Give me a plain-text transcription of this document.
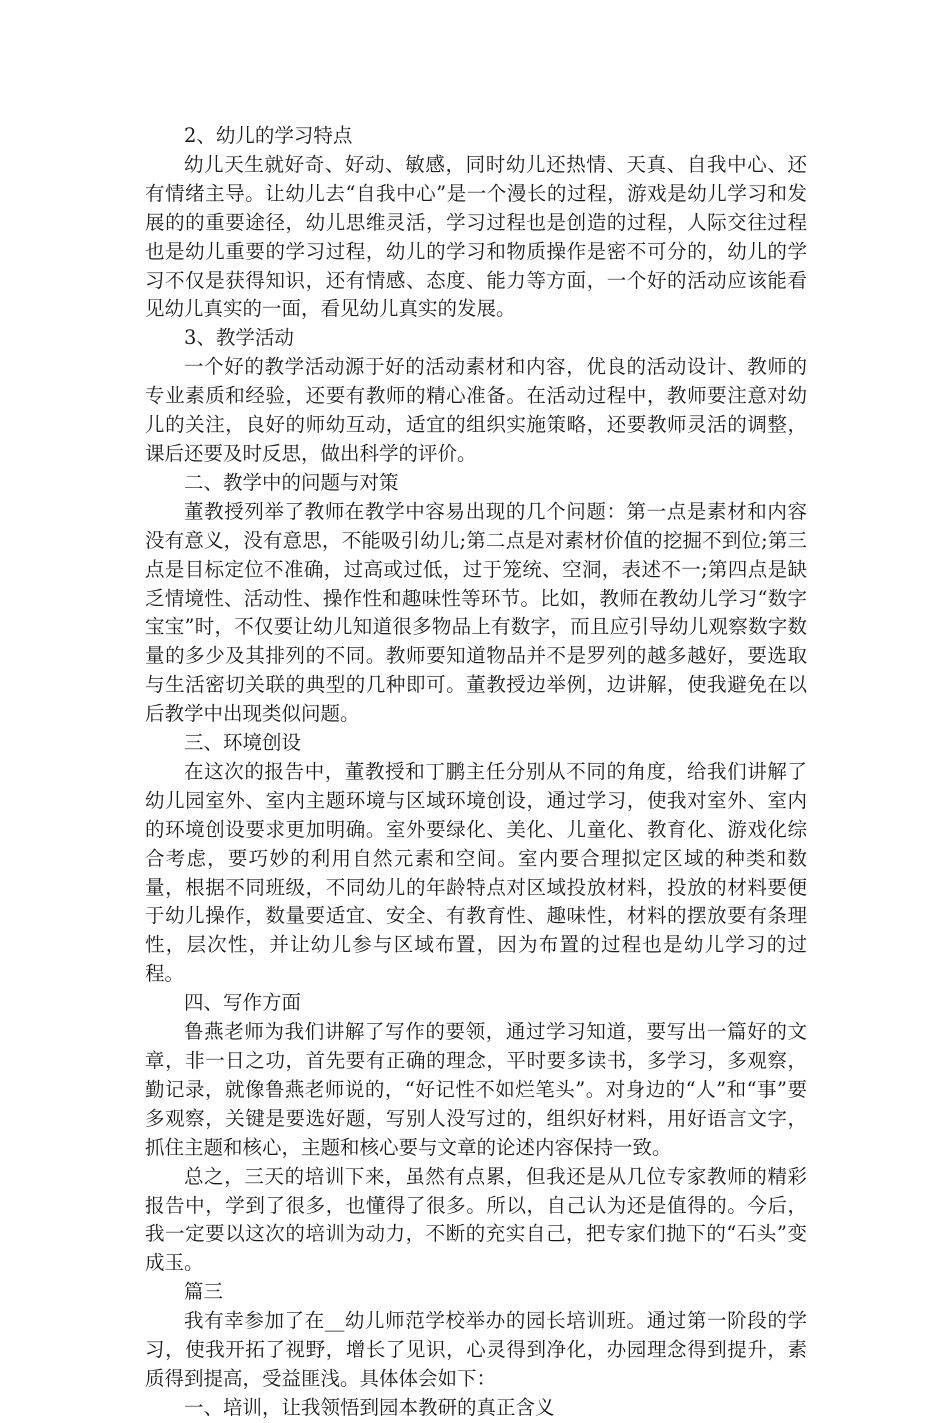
2、幼儿的学习特点

幼儿天生就好奇、好动、敏感，同时幼儿还热情、天真、自我中心、还有情绪主导。让幼儿去“自我中心”是一个漫长的过程，游戏是幼儿学习和发展的的重要途径，幼儿思维灵活，学习过程也是创造的过程，人际交往过程也是幼儿重要的学习过程，幼儿的学习和物质操作是密不可分的，幼儿的学习不仅是获得知识，还有情感、态度、能力等方面，一个好的活动应该能看见幼儿真实的一面，看见幼儿真实的发展。

3、教学活动

一个好的教学活动源于好的活动素材和内容，优良的活动设计、教师的专业素质和经验，还要有教师的精心准备。在活动过程中，教师要注意对幼儿的关注，良好的师幼互动，适宜的组织实施策略，还要教师灵活的调整，课后还要及时反思，做出科学的评价。

二、教学中的问题与对策

董教授列举了教师在教学中容易出现的几个问题：第一点是素材和内容没有意义，没有意思，不能吸引幼儿;第二点是对素材价值的挖掘不到位;第三点是目标定位不准确，过高或过低，过于笼统、空洞，表述不一;第四点是缺乏情境性、活动性、操作性和趣味性等环节。比如，教师在教幼儿学习“数字宝宝”时，不仅要让幼儿知道很多物品上有数字，而且应引导幼儿观察数字数量的多少及其排列的不同。教师要知道物品并不是罗列的越多越好，要选取与生活密切关联的典型的几种即可。董教授边举例，边讲解，使我避免在以后教学中出现类似问题。

三、环境创设

在这次的报告中，董教授和丁鹏主任分别从不同的角度，给我们讲解了幼儿园室外、室内主题环境与区域环境创设，通过学习，使我对室外、室内的环境创设要求更加明确。室外要绿化、美化、儿童化、教育化、游戏化综合考虑，要巧妙的利用自然元素和空间。室内要合理拟定区域的种类和数量，根据不同班级，不同幼儿的年龄特点对区域投放材料，投放的材料要便于幼儿操作，数量要适宜、安全、有教育性、趣味性，材料的摆放要有条理性，层次性，并让幼儿参与区域布置，因为布置的过程也是幼儿学习的过程。

四、写作方面

鲁燕老师为我们讲解了写作的要领，通过学习知道，要写出一篇好的文章，非一日之功，首先要有正确的理念，平时要多读书，多学习，多观察，勤记录，就像鲁燕老师说的，“好记性不如烂笔头”。对身边的“人”和“事”要多观察，关键是要选好题，写别人没写过的，组织好材料，用好语言文字，抓住主题和核心，主题和核心要与文章的论述内容保持一致。

总之，三天的培训下来，虽然有点累，但我还是从几位专家教师的精彩报告中，学到了很多，也懂得了很多。所以，自己认为还是值得的。今后，我一定要以这次的培训为动力，不断的充实自己，把专家们抛下的“石头”变成玉。

篇三

我有幸参加了在__幼儿师范学校举办的园长培训班。通过第一阶段的学习，使我开拓了视野，增长了见识，心灵得到净化，办园理念得到提升，素质得到提高，受益匪浅。具体体会如下：

一、培训，让我领悟到园本教研的真正含义
